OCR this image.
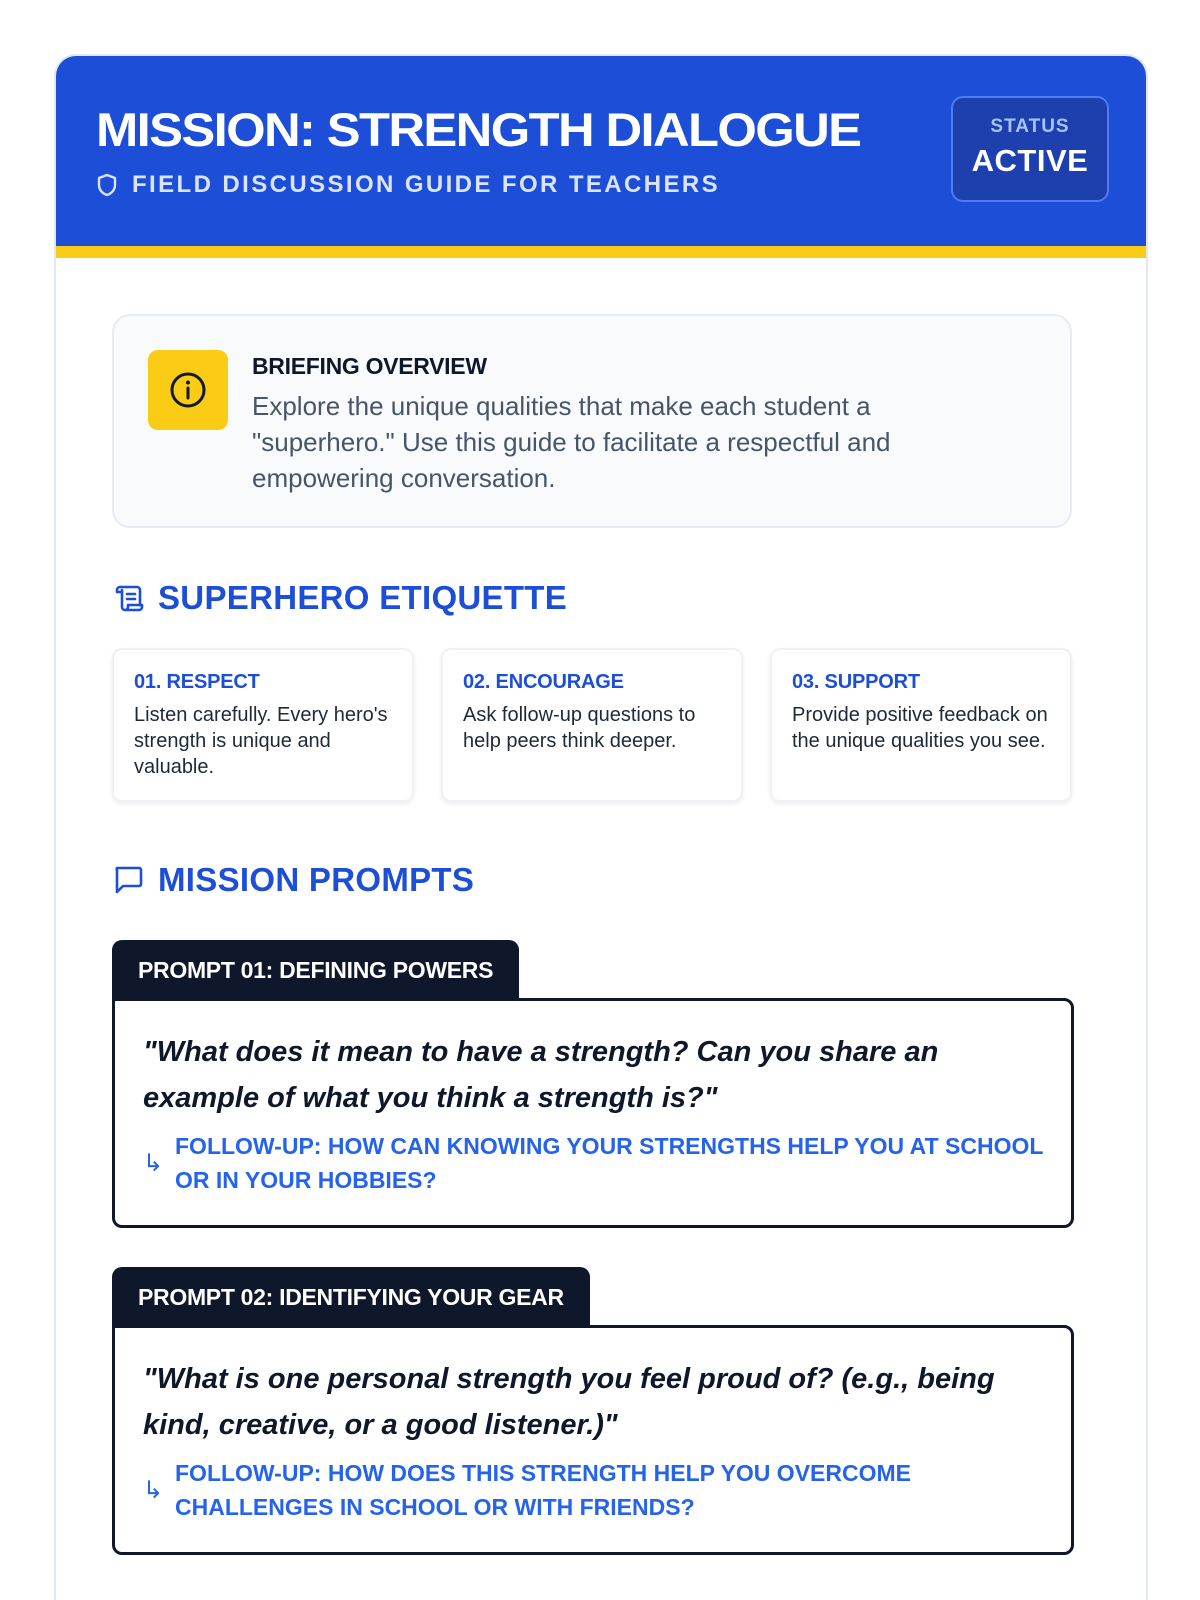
MISSION: STRENGTH DIALOGUE
FIELD DISCUSSION GUIDE FOR TEACHERS
STATUS
ACTIVE
BRIEFING OVERVIEW
Explore the unique qualities that make each student a "superhero." Use this guide to facilitate a respectful and empowering conversation.
SUPERHERO ETIQUETTE
01. RESPECT
Listen carefully. Every hero's strength is unique and valuable.
02. ENCOURAGE
Ask follow-up questions to help peers think deeper.
03. SUPPORT
Provide positive feedback on the unique qualities you see.
MISSION PROMPTS
PROMPT 01: DEFINING POWERS

"What does it mean to have a strength? Can you share an example of what you think a strength is?"

↳
FOLLOW-UP: HOW CAN KNOWING YOUR STRENGTHS HELP YOU AT SCHOOL OR IN YOUR HOBBIES?
PROMPT 02: IDENTIFYING YOUR GEAR

"What is one personal strength you feel proud of? (e.g., being kind, creative, or a good listener.)"

↳
FOLLOW-UP: HOW DOES THIS STRENGTH HELP YOU OVERCOME CHALLENGES IN SCHOOL OR WITH FRIENDS?
